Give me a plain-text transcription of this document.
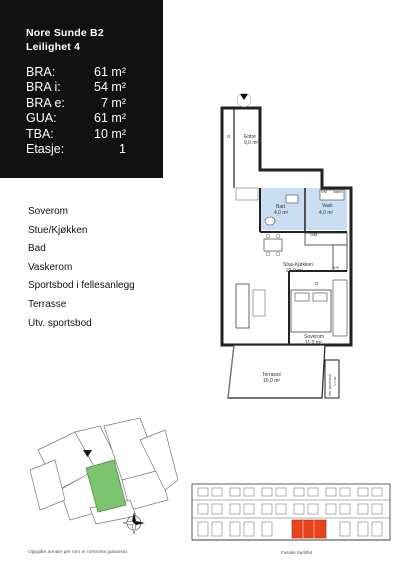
Nore Sunde B2
Leilighet 4
BRA:	61 m²
BRA i:	54 m²
BRA e:	7 m²
GUA:	61 m²
TBA:	10 m²
Etasje:	1
Soverom
Stue/Kjøkken
Bad
Vaskerom
Sportsbod i fellesanlegg
Terrasse
Utv. sportsbod
Entré
9,0 m²
G
Bad
4,0 m²
Vask
4,0 m²
VM Vaskm
OM
Stue-Kjøkken
22,0 m²
K/F
G
Soverom
11,0 m²
Terrasse
10,0 m²	Utv. sportsbod 1,0 m²
Oppgitte arealer per rom er rommets gulvareal	Fasade Sør/Øst
